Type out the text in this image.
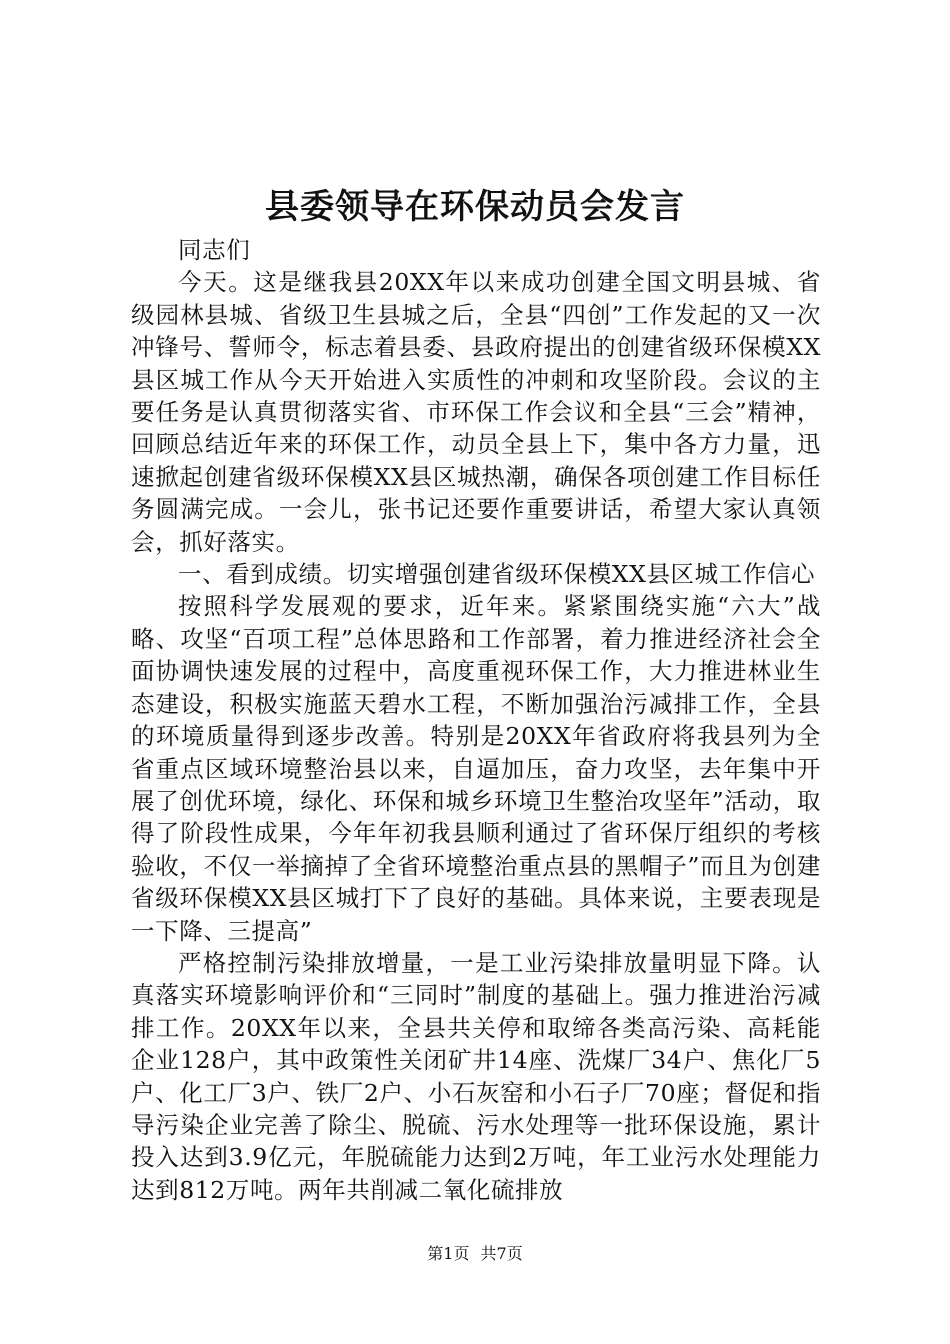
县委领导在环保动员会发言

同志们

今天。这是继我县20XX年以来成功创建全国文明县城、省级园林县城、省级卫生县城之后，全县“四创”工作发起的又一次冲锋号、誓师令，标志着县委、县政府提出的创建省级环保模XX县区城工作从今天开始进入实质性的冲刺和攻坚阶段。会议的主要任务是认真贯彻落实省、市环保工作会议和全县“三会”精神，回顾总结近年来的环保工作，动员全县上下，集中各方力量，迅速掀起创建省级环保模XX县区城热潮，确保各项创建工作目标任务圆满完成。一会儿，张书记还要作重要讲话，希望大家认真领会，抓好落实。

一、看到成绩。切实增强创建省级环保模XX县区城工作信心

按照科学发展观的要求，近年来。紧紧围绕实施“六大”战略、攻坚“百项工程”总体思路和工作部署，着力推进经济社会全面协调快速发展的过程中，高度重视环保工作，大力推进林业生态建设，积极实施蓝天碧水工程，不断加强治污减排工作，全县的环境质量得到逐步改善。特别是20XX年省政府将我县列为全省重点区域环境整治县以来，自逼加压，奋力攻坚，去年集中开展了创优环境，绿化、环保和城乡环境卫生整治攻坚年”活动，取得了阶段性成果，今年年初我县顺利通过了省环保厅组织的考核验收，不仅一举摘掉了全省环境整治重点县的黑帽子”而且为创建省级环保模XX县区城打下了良好的基础。具体来说，主要表现是一下降、三提高”

严格控制污染排放增量，一是工业污染排放量明显下降。认真落实环境影响评价和“三同时”制度的基础上。强力推进治污减排工作。20XX年以来，全县共关停和取缔各类高污染、高耗能企业128户，其中政策性关闭矿井14座、洗煤厂34户、焦化厂5户、化工厂3户、铁厂2户、小石灰窑和小石子厂70座；督促和指导污染企业完善了除尘、脱硫、污水处理等一批环保设施，累计投入达到3.9亿元，年脱硫能力达到2万吨，年工业污水处理能力达到812万吨。两年共削减二氧化硫排放

第1页 共7页
